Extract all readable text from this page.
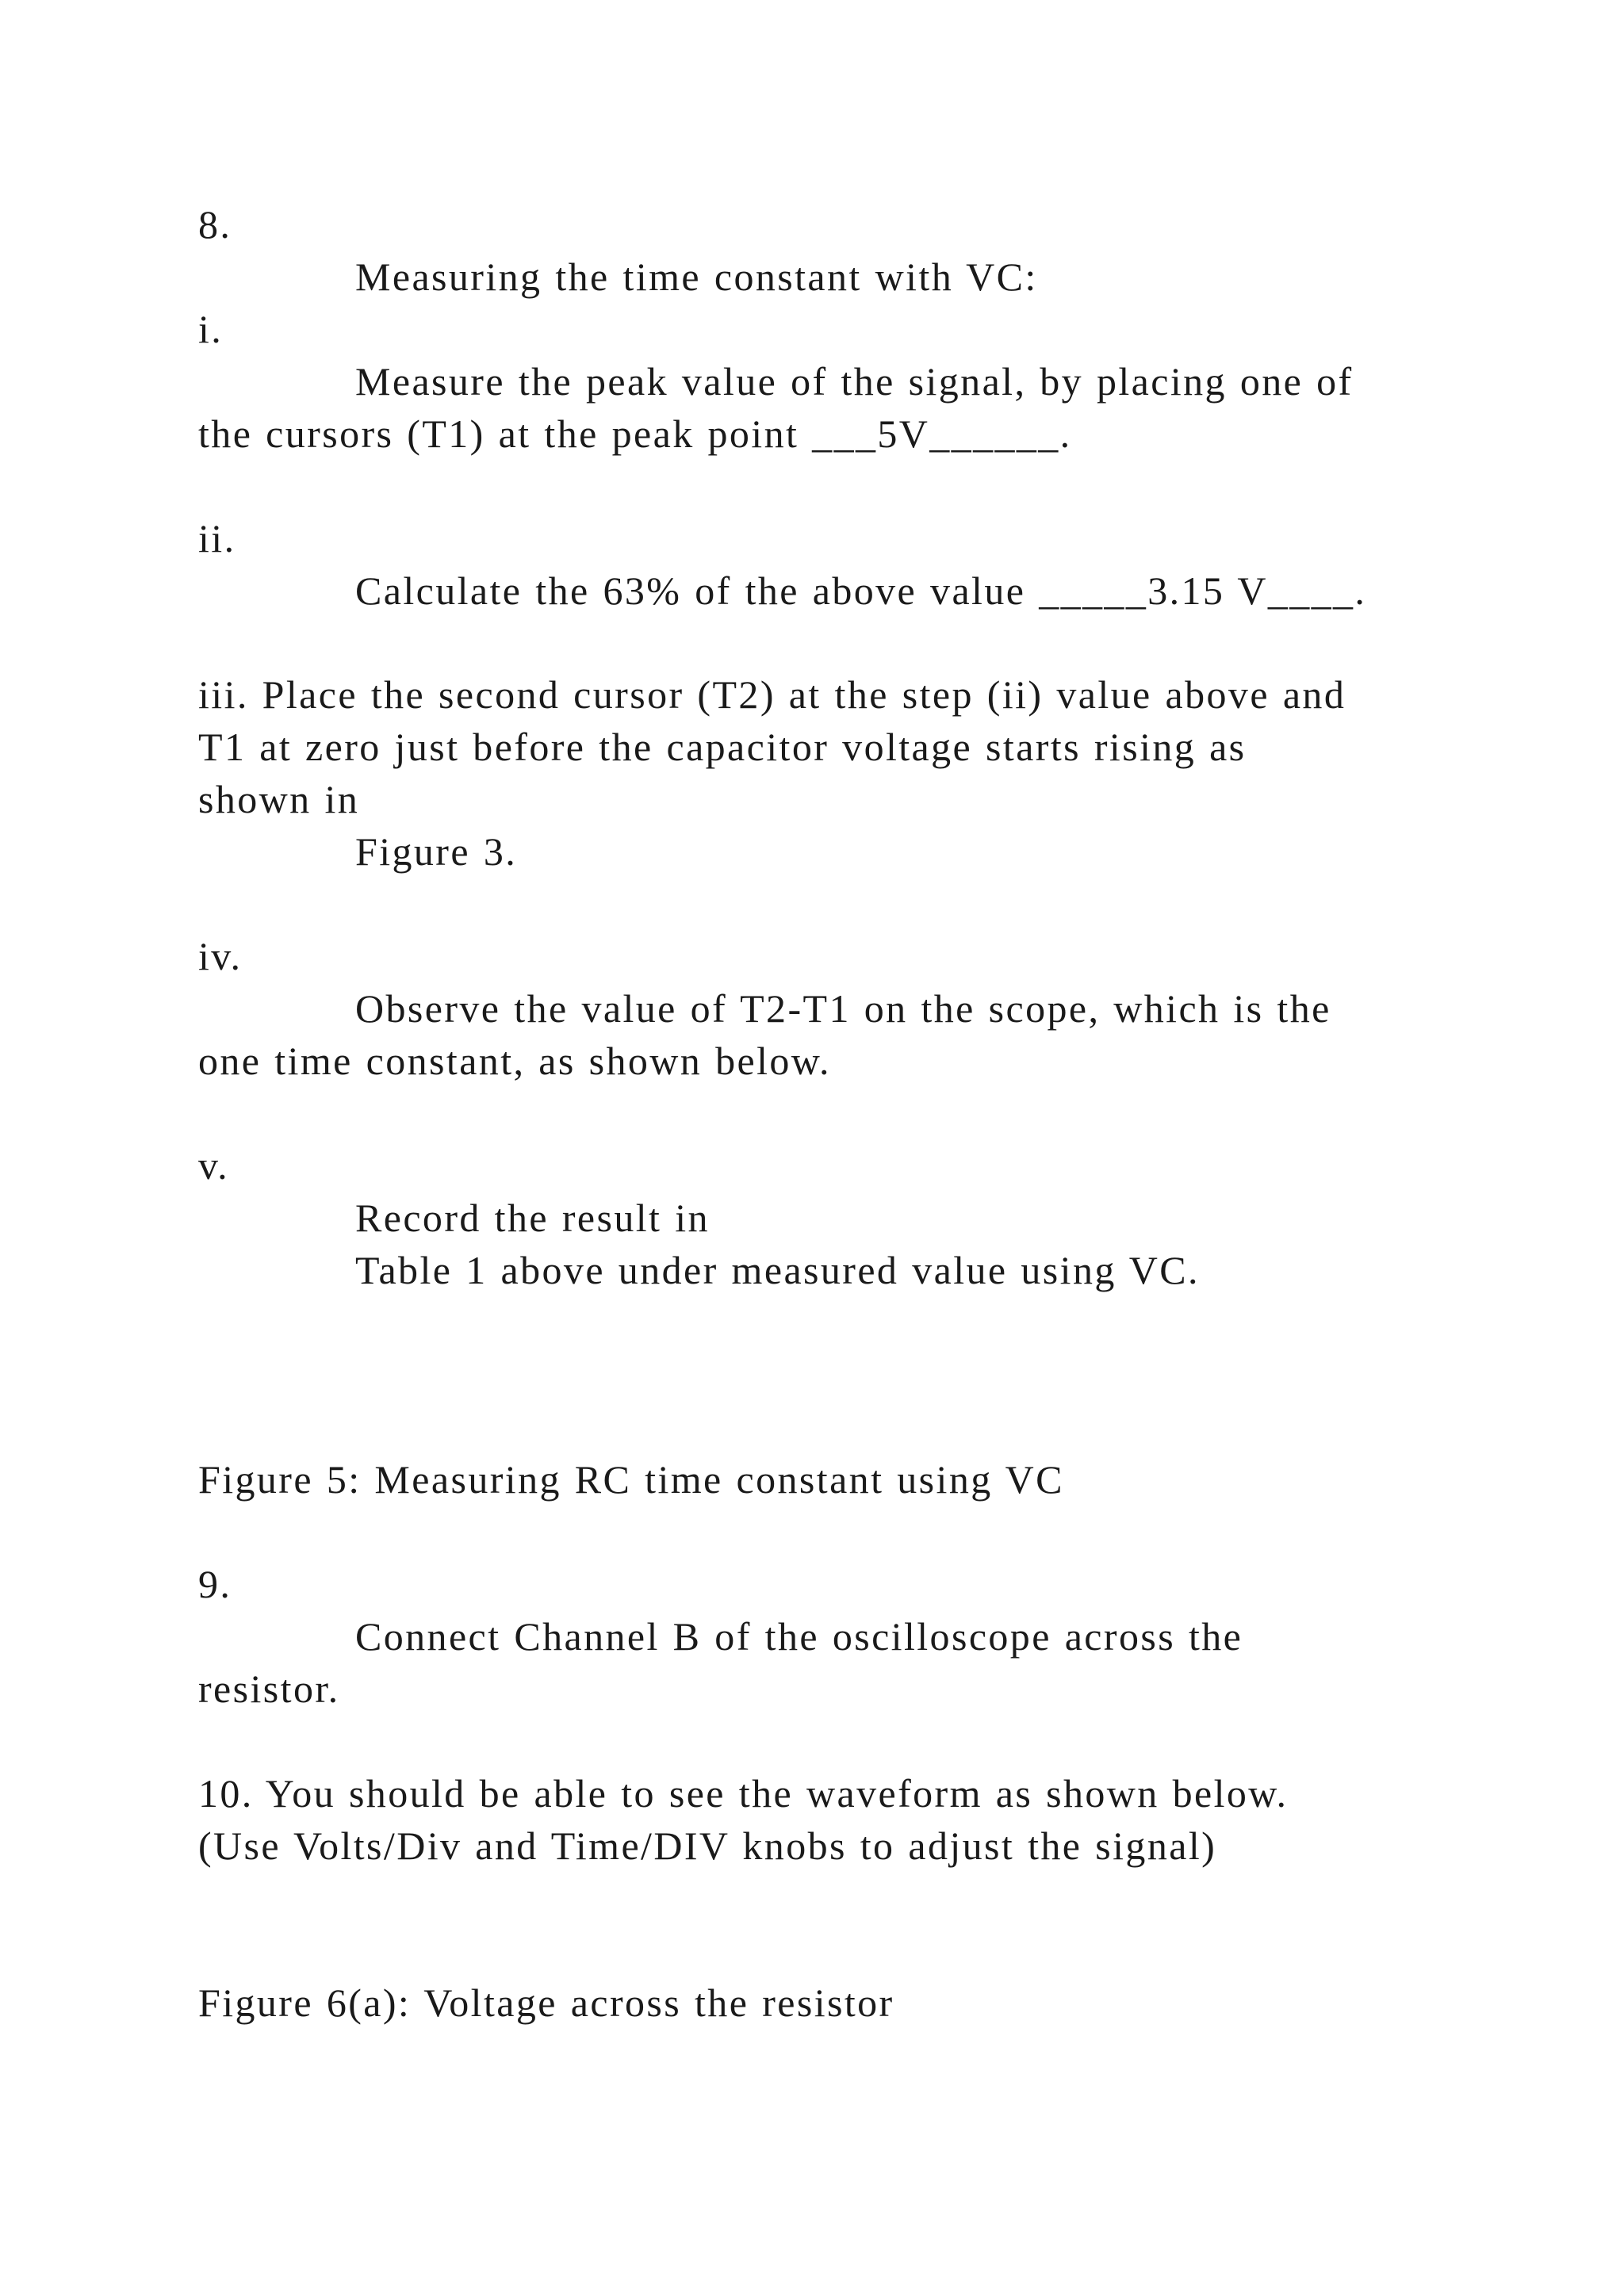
8.
Measuring the time constant with VC:
i.
Measure the peak value of the signal, by placing one of
the cursors (T1) at the peak point ___5V______.
ii.
Calculate the 63% of the above value _____3.15 V____.
iii. Place the second cursor (T2) at the step (ii) value above and
T1 at zero just before the capacitor voltage starts rising as
shown in
Figure 3.
iv.
Observe the value of T2-T1 on the scope, which is the
one time constant, as shown below.
v.
Record the result in
Table 1 above under measured value using VC.
Figure 5: Measuring RC time constant using VC
9.
Connect Channel B of the oscilloscope across the
resistor.
10. You should be able to see the waveform as shown below.
(Use Volts/Div and Time/DIV knobs to adjust the signal)
Figure 6(a): Voltage across the resistor
